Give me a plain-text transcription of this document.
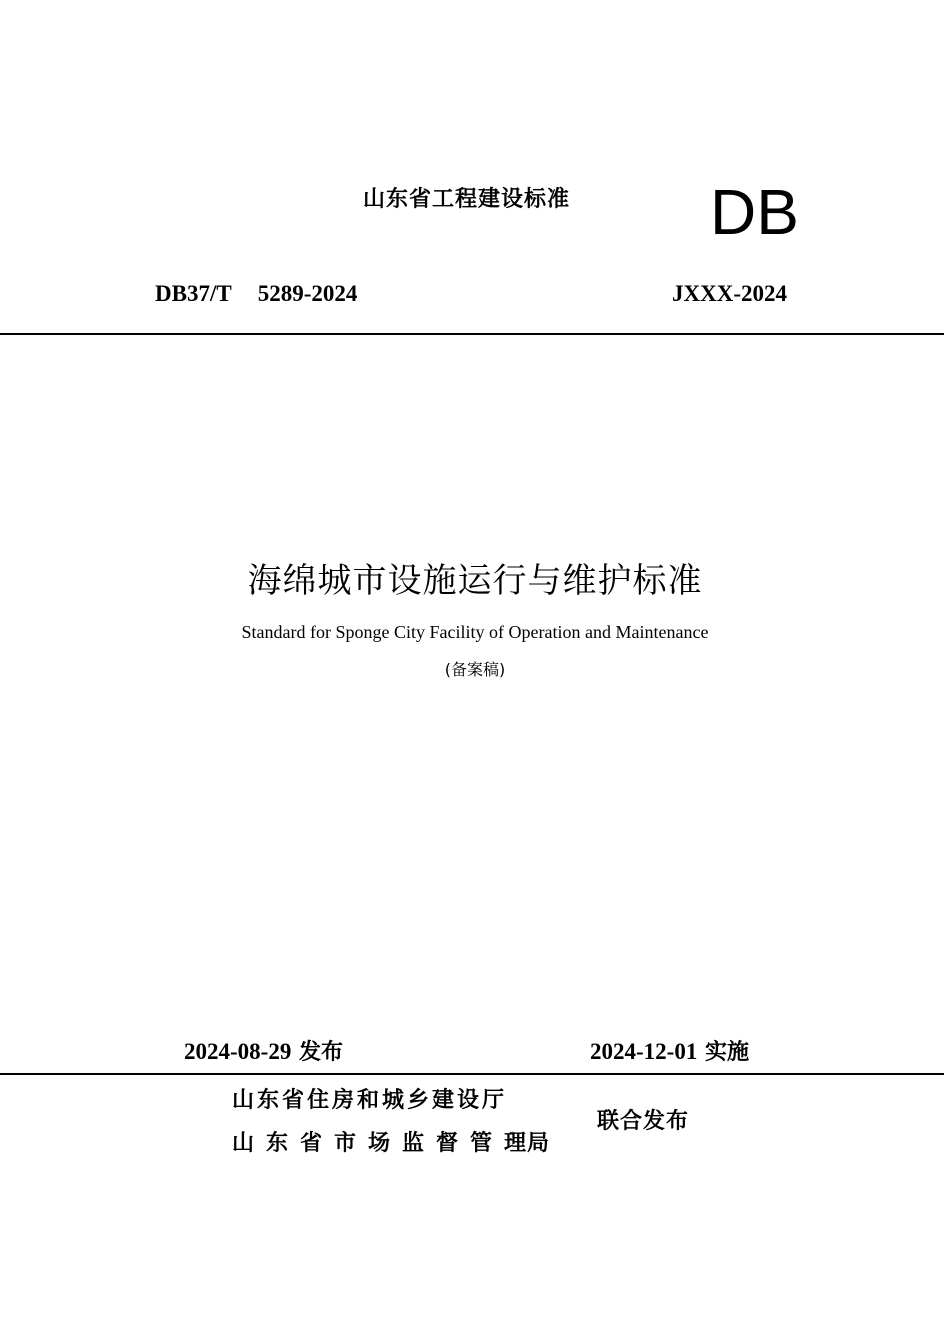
山东省工程建设标准 DB
DB37/T 5289-2024	JXXX-2024
海绵城市设施运行与维护标准
Standard for Sponge City Facility of Operation and Maintenance
(备案稿)
2024-08-29 发布	2024-12-01 实施
山东省住房和城乡建设厅
山东省市场监督管理局
联合发布
